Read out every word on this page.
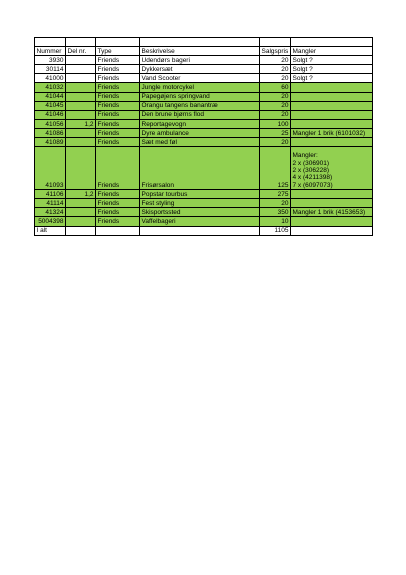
Nummer	Del nr.	Type	Beskrivelse	Salgspris	Mangler
3930		Friends	Udendørs bageri	20	Solgt ?

30114		Friends	Dykkersæt	20	Solgt ?

41000		Friends	Vand Scooter	20	Solgt ?

41032		Friends	Jungle motorcykel	60	
41044		Friends	Papegøjens springvand	20	
41045		Friends	Orangu tangens banantræ	20	
41046		Friends	Den brune bjørns flod	20	
41056	1,2	Friends	Reportagevogn	100	
41086		Friends	Dyre ambulance	25	Mangler 1 brik (6101032)

41089		Friends	Sæt med føl	20	
41093		Friends	Frisørsalon	125	Mangler:
2 x (306901)
2 x (306228)
4 x (4211398)
7 x (6097073)

41106	1,2	Friends	Popstar tourbus	275	
41114		Friends	Fest styling	20	
41324		Friends	Skisportssted	350	Mangler 1 brik (4153653)

5004398		Friends	Vaffelbageri	10	
I alt				1105	
